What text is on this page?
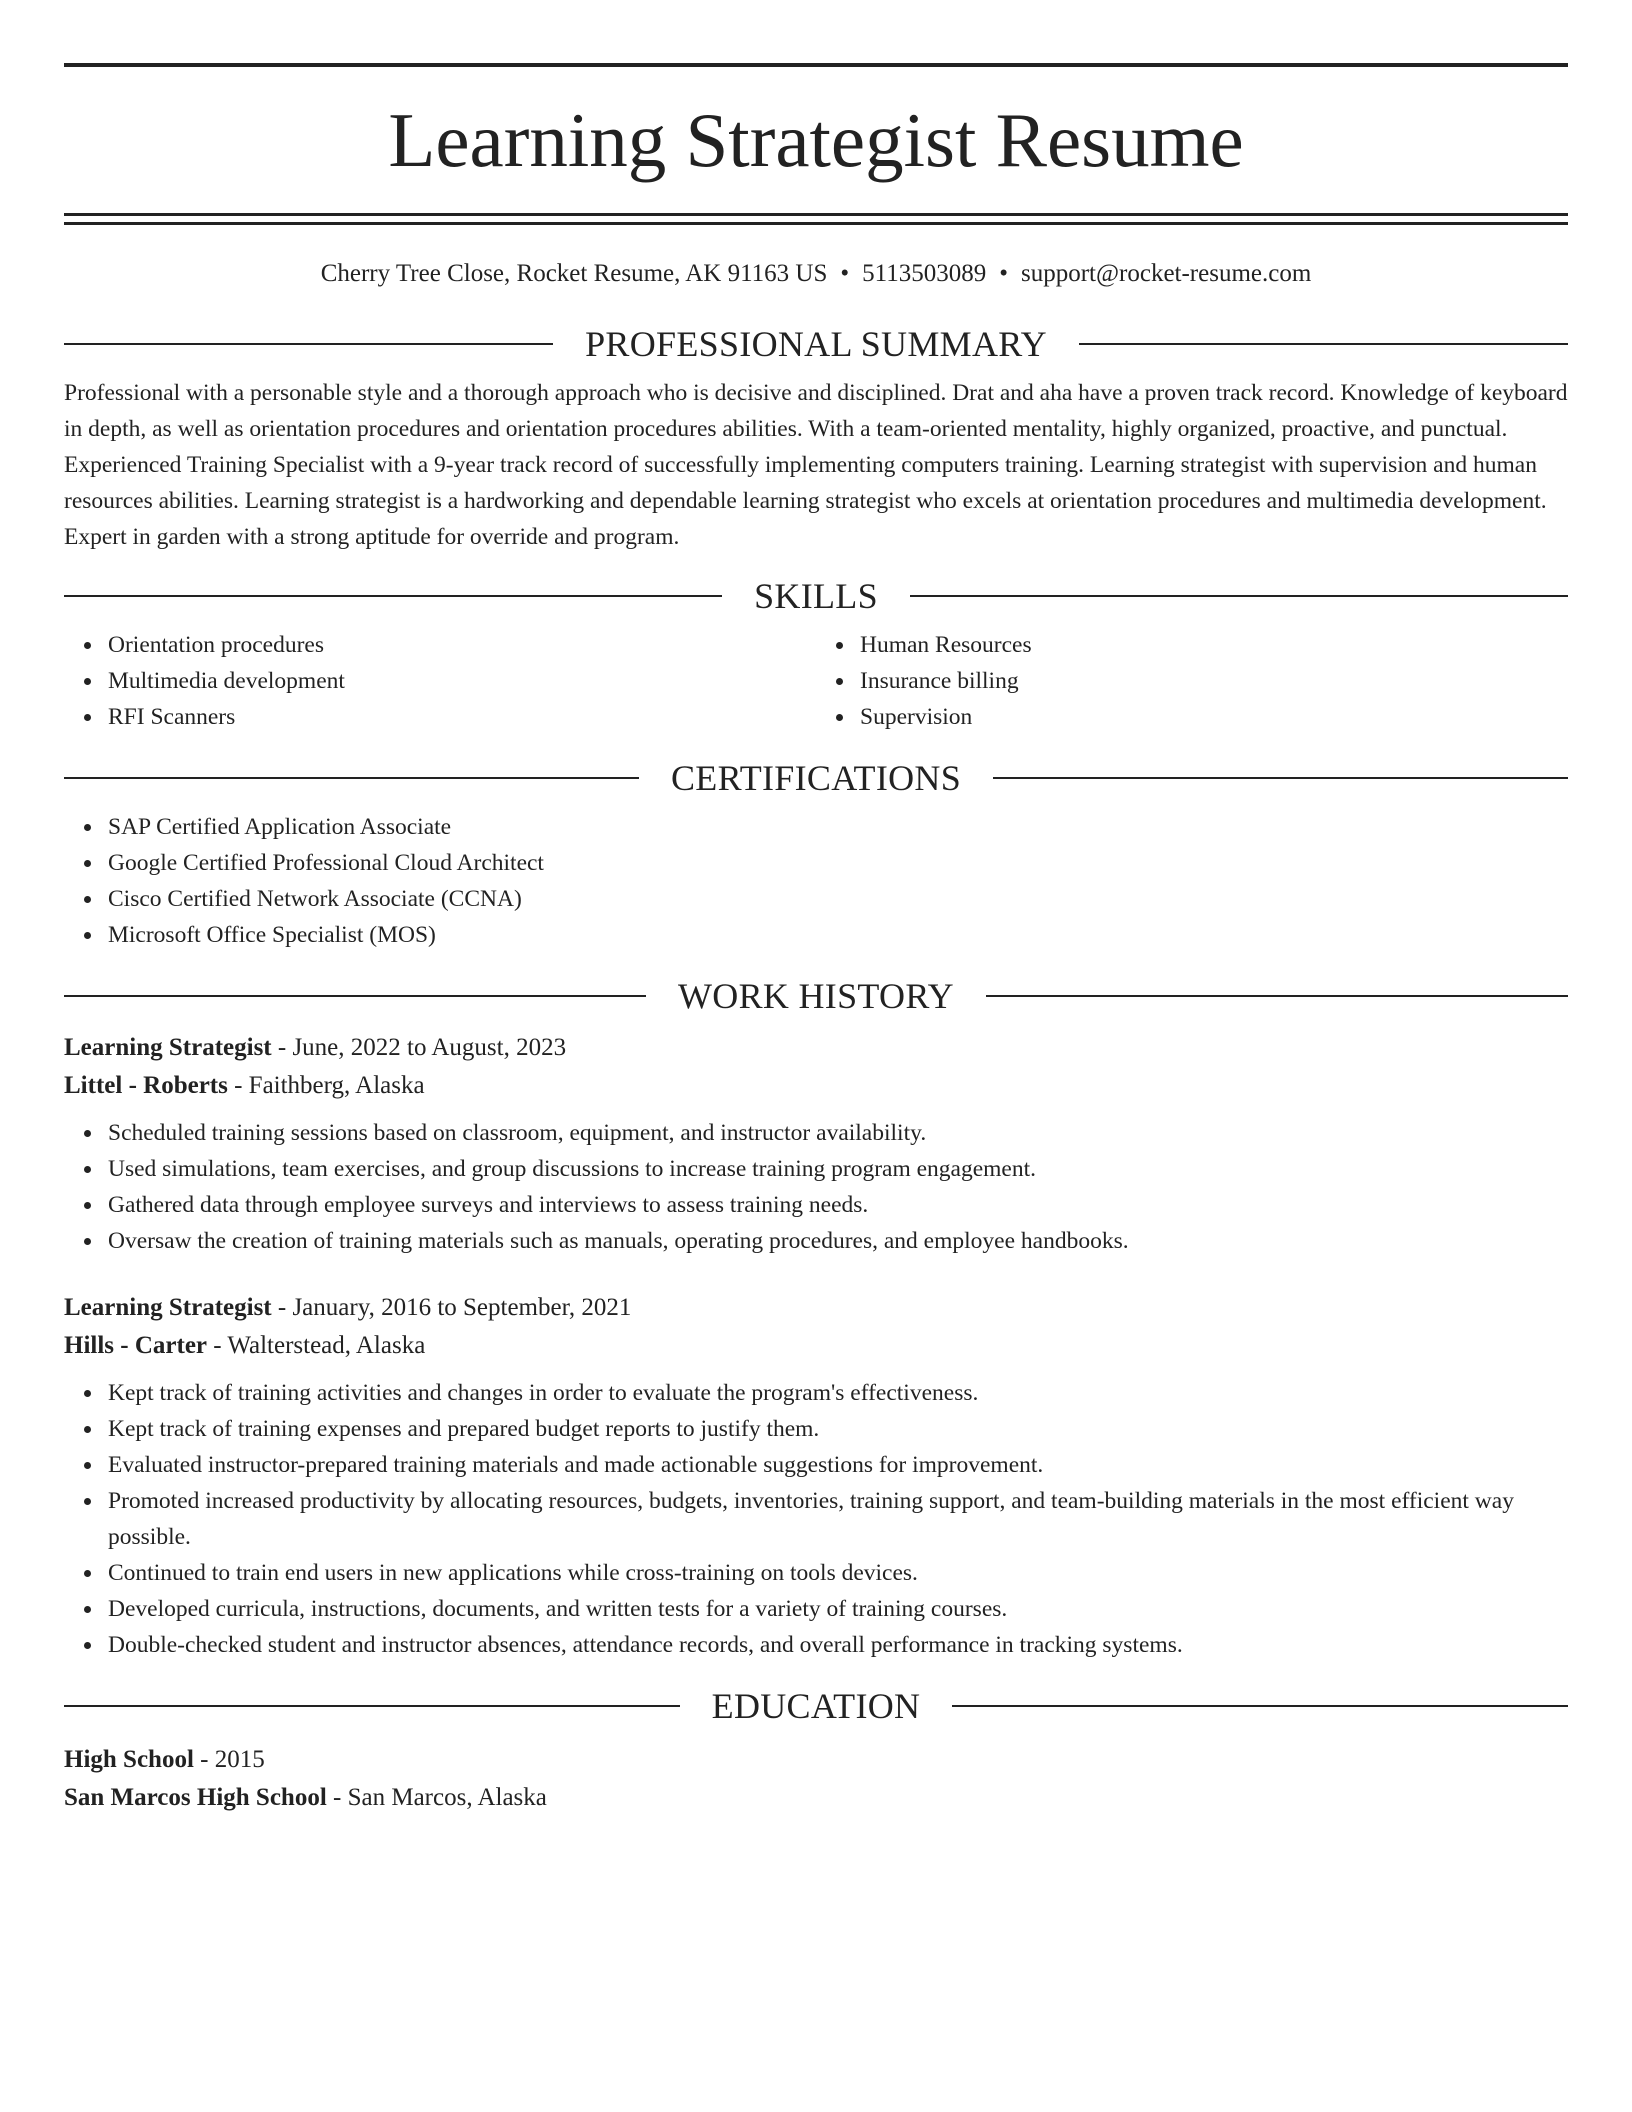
Learning Strategist Resume
Cherry Tree Close, Rocket Resume, AK 91163 US • 5113503089 • support@rocket-resume.com
PROFESSIONAL SUMMARY

Professional with a personable style and a thorough approach who is decisive and disciplined. Drat and aha have a proven track record. Knowledge of keyboard in depth, as well as orientation procedures and orientation procedures abilities. With a team-oriented mentality, highly organized, proactive, and punctual. Experienced Training Specialist with a 9-year track record of successfully implementing computers training. Learning strategist with supervision and human resources abilities. Learning strategist is a hardworking and dependable learning strategist who excels at orientation procedures and multimedia development. Expert in garden with a strong aptitude for override and program.

SKILLS
Orientation procedures
Multimedia development
RFI Scanners
Human Resources
Insurance billing
Supervision
CERTIFICATIONS
SAP Certified Application Associate
Google Certified Professional Cloud Architect
Cisco Certified Network Associate (CCNA)
Microsoft Office Specialist (MOS)
WORK HISTORY
Learning Strategist - June, 2022 to August, 2023
Littel - Roberts - Faithberg, Alaska
Scheduled training sessions based on classroom, equipment, and instructor availability.
Used simulations, team exercises, and group discussions to increase training program engagement.
Gathered data through employee surveys and interviews to assess training needs.
Oversaw the creation of training materials such as manuals, operating procedures, and employee handbooks.
Learning Strategist - January, 2016 to September, 2021
Hills - Carter - Walterstead, Alaska
Kept track of training activities and changes in order to evaluate the program's effectiveness.
Kept track of training expenses and prepared budget reports to justify them.
Evaluated instructor-prepared training materials and made actionable suggestions for improvement.
Promoted increased productivity by allocating resources, budgets, inventories, training support, and team-building materials in the most efficient way possible.
Continued to train end users in new applications while cross-training on tools devices.
Developed curricula, instructions, documents, and written tests for a variety of training courses.
Double-checked student and instructor absences, attendance records, and overall performance in tracking systems.
EDUCATION
High School - 2015
San Marcos High School - San Marcos, Alaska
